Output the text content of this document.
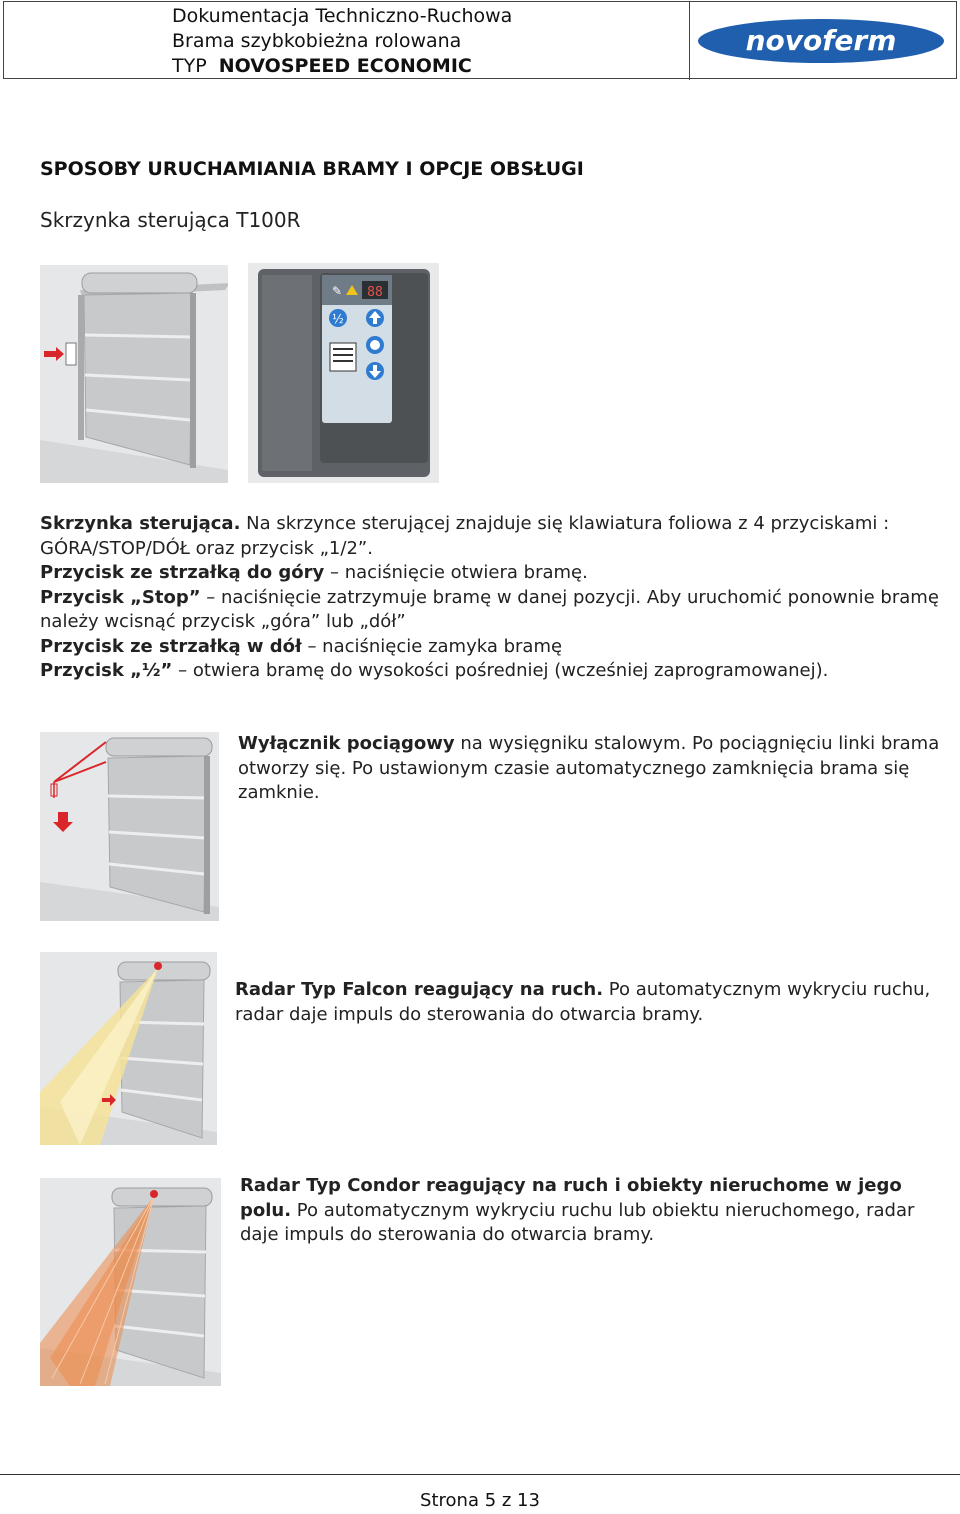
Dokumentacja Techniczno-Ruchowa
Brama szybkobieżna rolowana
TYP NOVOSPEED ECONOMIC
novoferm
SPOSOBY URUCHAMIANIA BRAMY I OPCJE OBSŁUGI
Skrzynka sterująca T100R
✎ 88
½
Skrzynka sterująca. Na skrzynce sterującej znajduje się klawiatura foliowa z 4 przyciskami : GÓRA/STOP/DÓŁ oraz przycisk „1/2”.
Przycisk ze strzałką do góry – naciśnięcie otwiera bramę.
Przycisk „Stop” – naciśnięcie zatrzymuje bramę w danej pozycji. Aby uruchomić ponownie bramę należy wcisnąć przycisk „góra” lub „dół”
Przycisk ze strzałką w dół – naciśnięcie zamyka bramę
Przycisk „½” – otwiera bramę do wysokości pośredniej (wcześniej zaprogramowanej).
Wyłącznik pociągowy na wysięgniku stalowym. Po pociągnięciu linki brama otworzy się. Po ustawionym czasie automatycznego zamknięcia brama się zamknie.
Radar Typ Falcon reagujący na ruch. Po automatycznym wykryciu ruchu, radar daje impuls do sterowania do otwarcia bramy.
Radar Typ Condor reagujący na ruch i obiekty nieruchome w jego polu. Po automatycznym wykryciu ruchu lub obiektu nieruchomego, radar daje impuls do sterowania do otwarcia bramy.
Strona 5 z 13
